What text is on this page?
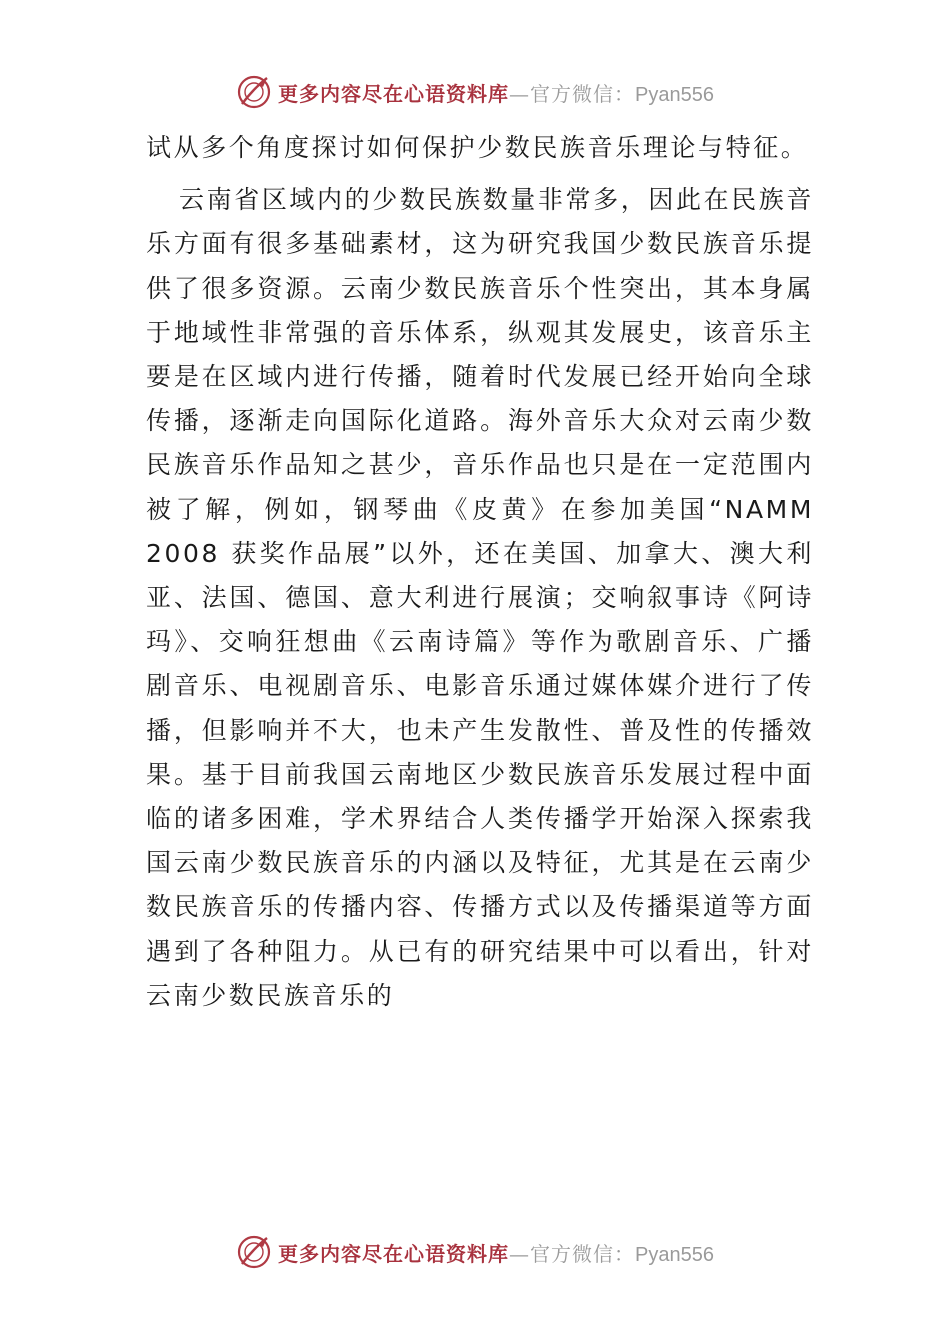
更多内容尽在心语资料库—官方微信：Pyan556

试从多个角度探讨如何保护少数民族音乐理论与特征。

云南省区域内的少数民族数量非常多，因此在民族音乐方面有很多基础素材，这为研究我国少数民族音乐提供了很多资源。云南少数民族音乐个性突出，其本身属于地域性非常强的音乐体系，纵观其发展史，该音乐主要是在区域内进行传播，随着时代发展已经开始向全球传播，逐渐走向国际化道路。海外音乐大众对云南少数民族音乐作品知之甚少，音乐作品也只是在一定范围内被了解，例如，钢琴曲《皮黄》在参加美国“NAMM 2008 获奖作品展”以外，还在美国、加拿大、澳大利亚、法国、德国、意大利进行展演；交响叙事诗《阿诗玛》、交响狂想曲《云南诗篇》等作为歌剧音乐、广播剧音乐、电视剧音乐、电影音乐通过媒体媒介进行了传播，但影响并不大，也未产生发散性、普及性的传播效果。基于目前我国云南地区少数民族音乐发展过程中面临的诸多困难，学术界结合人类传播学开始深入探索我国云南少数民族音乐的内涵以及特征，尤其是在云南少数民族音乐的传播内容、传播方式以及传播渠道等方面遇到了各种阻力。从已有的研究结果中可以看出，针对云南少数民族音乐的

更多内容尽在心语资料库—官方微信：Pyan556
